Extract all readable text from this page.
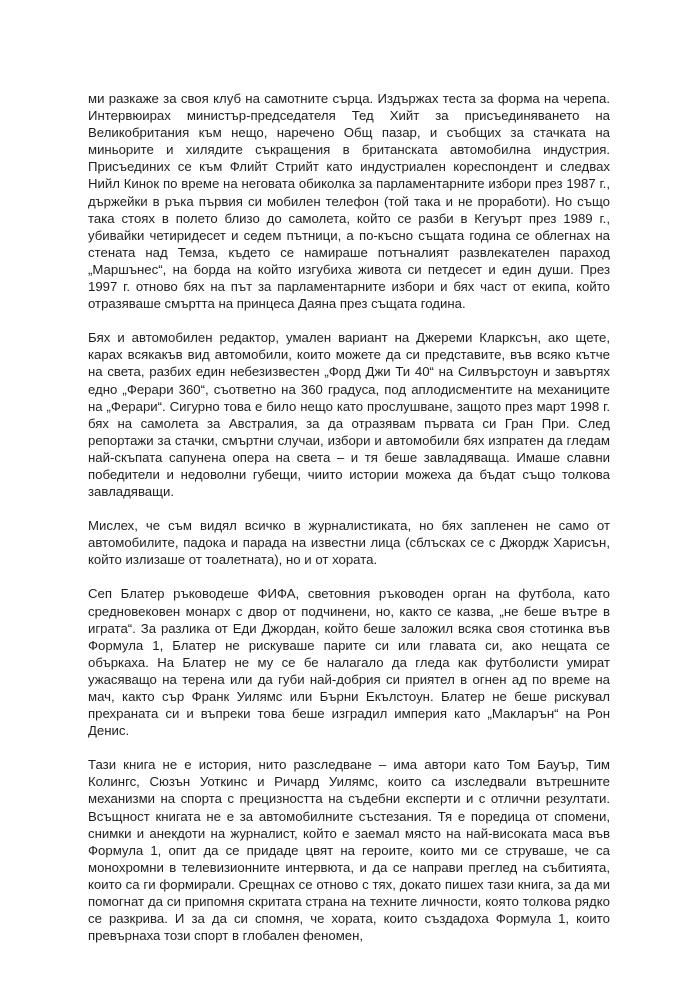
ми разкаже за своя клуб на самотните сърца. Издържах теста за форма на черепа. Интервюирах министър-председателя Тед Хийт за присъединяването на Великобритания към нещо, наречено Общ пазар, и съобщих за стачката на миньорите и хилядите съкращения в британската автомобилна индустрия. Присъединих се към Флийт Стрийт като индустриален кореспондент и следвах Нийл Кинок по време на неговата обиколка за парламентарните избори през 1987 г., държейки в ръка първия си мобилен телефон (той така и не проработи). Но също така стоях в полето близо до самолета, който се разби в Кегуърт през 1989 г., убивайки четиридесет и седем пътници, а по-късно същата година се облегнах на стената над Темза, където се намираше потъналият развлекателен параход „Маршънес“, на борда на който изгубиха живота си петдесет и един души. През 1997 г. отново бях на път за парламентарните избори и бях част от екипа, който отразяваше смъртта на принцеса Даяна през същата година.

Бях и автомобилен редактор, умален вариант на Джереми Кларксън, ако щете, карах всякакъв вид автомобили, които можете да си представите, във всяко кътче на света, разбих един небезизвестен „Форд Джи Ти 40“ на Силвърстоун и завъртях едно „Ферари 360“, съответно на 360 градуса, под аплодисментите на механиците на „Ферари“. Сигурно това е било нещо като прослушване, защото през март 1998 г. бях на самолета за Австралия, за да отразявам първата си Гран При. След репортажи за стачки, смъртни случаи, избори и автомобили бях изпратен да гледам най-скъпата сапунена опера на света – и тя беше завладяваща. Имаше славни победители и недоволни губещи, чиито истории можеха да бъдат също толкова завладяващи.

Мислех, че съм видял всичко в журналистиката, но бях запленен не само от автомобилите, падока и парада на известни лица (сблъсках се с Джордж Харисън, който излизаше от тоалетната), но и от хората.

Сеп Блатер ръководеше ФИФА, световния ръководен орган на футбола, като средновековен монарх с двор от подчинени, но, както се казва, „не беше вътре в играта“. За разлика от Еди Джордан, който беше заложил всяка своя стотинка във Формула 1, Блатер не рискуваше парите си или главата си, ако нещата се объркаха. На Блатер не му се бе налагало да гледа как футболисти умират ужасяващо на терена или да губи най-добрия си приятел в огнен ад по време на мач, както сър Франк Уилямс или Бърни Екълстоун. Блатер не беше рискувал прехраната си и въпреки това беше изградил империя като „Макларън“ на Рон Денис.

Тази книга не е история, нито разследване – има автори като Том Бауър, Тим Колингс, Сюзън Уоткинс и Ричард Уилямс, които са изследвали вътрешните механизми на спорта с прецизността на съдебни експерти и с отлични резултати. Всъщност книгата не е за автомобилните състезания. Тя е поредица от спомени, снимки и анекдоти на журналист, който е заемал място на най-високата маса във Формула 1, опит да се придаде цвят на героите, които ми се струваше, че са монохромни в телевизионните интервюта, и да се направи преглед на събитията, които са ги формирали. Срещнах се отново с тях, докато пишех тази книга, за да ми помогнат да си припомня скритата страна на техните личности, която толкова рядко се разкрива. И за да си спомня, че хората, които създадоха Формула 1, които превърнаха този спорт в глобален феномен,
